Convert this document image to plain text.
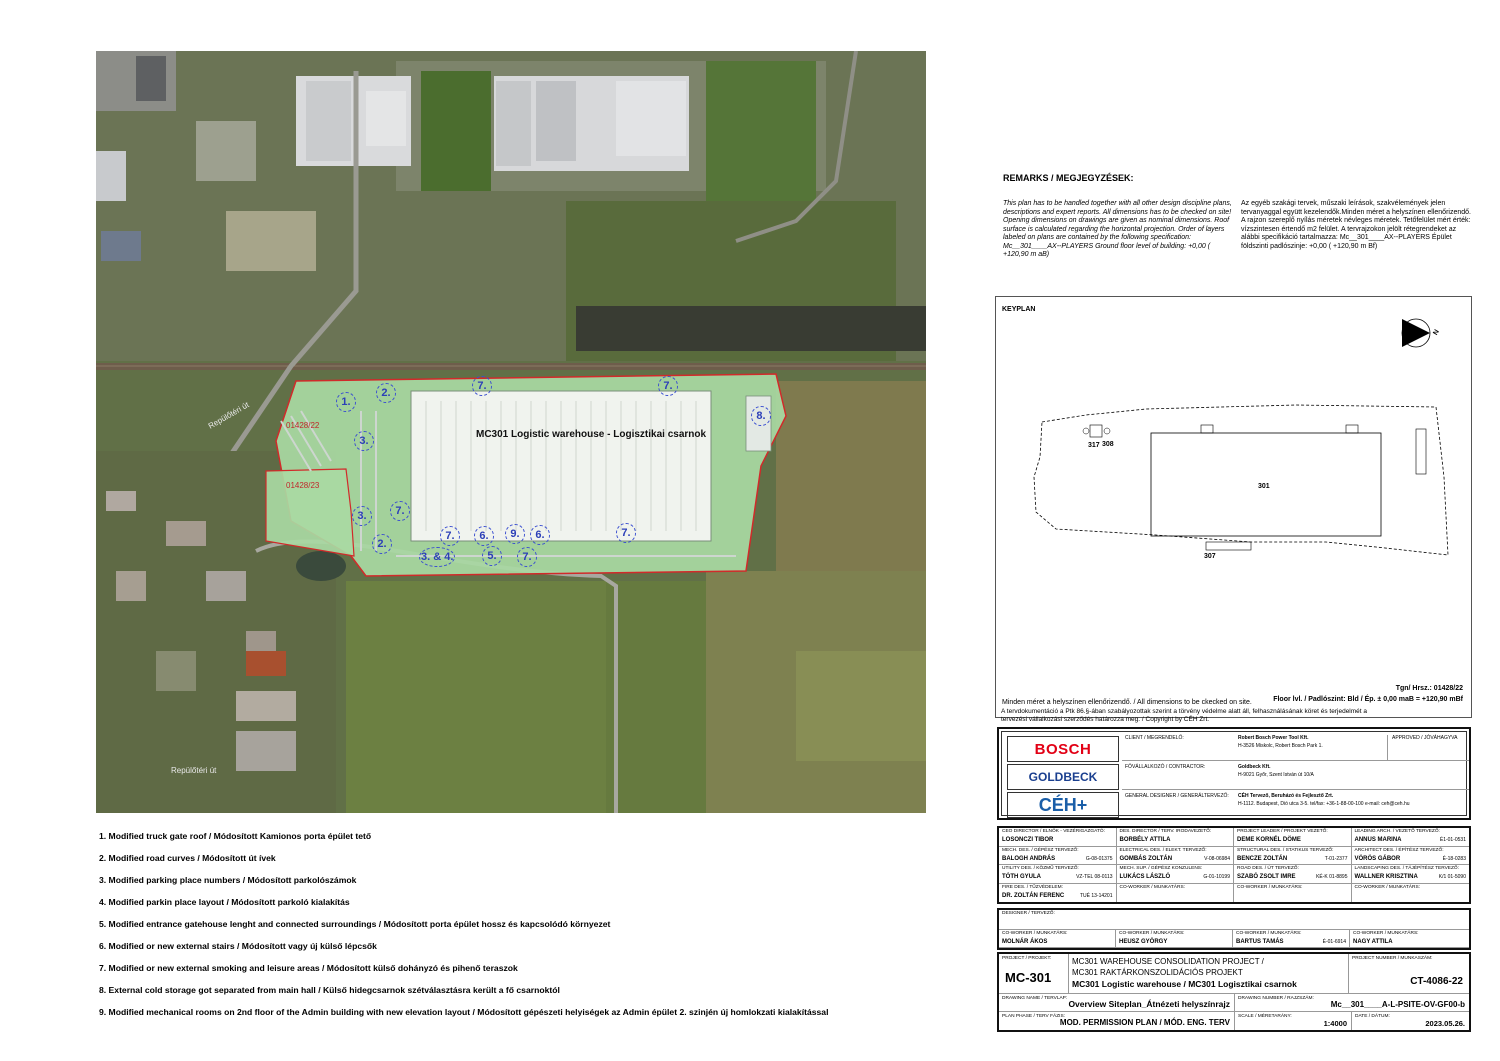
MC301 Logistic warehouse - Logisztikai csarnok
01428/22
01428/23
Repülőtéri út
Repülőtéri út
1.
2.
3.
3.
2.
7.	7.
7.
8.
7.	6.	9.	6.	7.
3. & 4.	5.	7.
1. Modified truck gate roof / Módosított Kamionos porta épület tető
2. Modified road curves / Módosított út ívek
3. Modified parking place numbers / Módosított parkolószámok
4. Modified parkin place layout / Módosított parkoló kialakítás
5. Modified entrance gatehouse lenght and connected surroundings / Módosított porta épület hossz és kapcsolódó környezet
6. Modified or new external stairs / Módosított vagy új külső lépcsők
7. Modified or new external smoking and leisure areas / Módosított külső dohányzó és pihenő teraszok
8. External cold storage got separated from main hall / Külső hidegcsarnok szétválasztásra került a fő csarnoktól
9. Modified mechanical rooms on 2nd floor of the Admin building with new elevation layout / Módosított gépészeti helyiségek az Admin épület 2. szinjén új homlokzati kialakítással
REMARKS / MEGJEGYZÉSEK:
This plan has to be handled together with all other design discipline plans, descriptions and expert reports. All dimensions has to be checked on site! Opening dimensions on drawings are given as nominal dimensions. Roof surface is calculated regarding the horizontal projection. Order of layers labeled on plans are contained by the following specification: Mc__301____AX--PLAYERS Ground floor level of building: +0,00 ( +120,90 m aB)
Az egyéb szakági tervek, műszaki leírások, szakvélemények jelen tervanyaggal együtt kezelendők.Minden méret a helyszínen ellenőrizendő. A rajzon szereplő nyílás méretek névleges méretek. Tetőfelület mért érték: vízszintesen értendő m2 felület. A tervrajzokon jelölt rétegrendeket az alábbi specifikáció tartalmazza: Mc__301____AX--PLAYERS Épület földszinti padlószinje: +0,00 ( +120,90 m Bf)
KEYPLAN
308
317
301
307
N
Tgn/ Hrsz.: 01428/22
Floor lvl. / Padlószint: Bld / Ép. ± 0,00 maB = +120,90 mBf
Minden méret a helyszínen ellenőrizendő. / All dimensions to be ckecked on site.
A tervdokumentáció a Ptk 86.§-ában szabályozottak szerint a törvény védelme alatt áll, felhasználásának köret és terjedelmét a tervezési vállalkozási szerződés határozza meg. / Copyright by CÉH Zrt.
BOSCH
GOLDBECK
CÉH+
CLIENT / MEGRENDELŐ:	Robert Bosch Power Tool Kft.
H-3526 Miskolc, Robert Bosch Park 1.
APPROVED / JÓVÁHAGYVA
FŐVÁLLALKOZÓ / CONTRACTOR:	Goldbeck Kft.
H-9021 Győr, Szent István út 10/A
GENERAL DESIGNER / GENERÁLTERVEZŐ: CÉH Tervező, Beruházó és Fejlesztő Zrt.
H-1112. Budapest, Dió utca 3-5. tel/fax: +36-1-88-00-100 e-mail: ceh@ceh.hu
CEO DIRECTOR / ELNÖK - VEZÉRIGAZGATÓ:
LOSONCZI TIBOR
DES. DIRECTOR / TERV. IRODAVEZETŐ:
BORBÉLY ATTILA
PROJECT LEADER / PROJEKT VEZETŐ:
DEME KORNÉL DÖME
LEADING ARCH. / VEZETŐ TERVEZŐ:
ANNUS MARINA	É1-01-0531
MECH. DES. / GÉPÉSZ TERVEZŐ:
BALOGH ANDRÁS	G-08-01375
ELECTRICAL DES. / ELEKT. TERVEZŐ:
GOMBÁS ZOLTÁN	V-08-06984
STRUCTURAL DES. / STATIKUS TERVEZŐ:
BENCZE ZOLTÁN	T-01-2377
ARCHITECT DES. / ÉPÍTÉSZ TERVEZŐ:
VÖRÖS GÁBOR	É-18-0283
UTILITY DES. / KÖZMŰ TERVEZŐ:
TÓTH GYULA	VZ-TEL 08-0113
MECH. SUP. / GÉPÉSZ KONZULENS:
LUKÁCS LÁSZLÓ	G-01-10199
ROAD DES. / ÚT TERVEZŐ:
SZABÓ ZSOLT IMRE	KÉ-K 01-8895
LANDSCAPING DES. / TÁJÉPÍTÉSZ TERVEZŐ:
WALLNER KRISZTINA	K/1 01-5090
FIRE DES. / TŰZVÉDELEM:
DR. ZOLTÁN FERENC	TUÉ 13-14201
CO-WORKER / MUNKATÁRS:	CO-WORKER / MUNKATÁRS:	CO-WORKER / MUNKATÁRS:
DESIGNER / TERVEZŐ:
CO-WORKER / MUNKATÁRS:
MOLNÁR ÁKOS
CO-WORKER / MUNKATÁRS:
HEUSZ GYÖRGY
CO-WORKER / MUNKATÁRS:
BARTUS TAMÁS	É-01-6914
CO-WORKER / MUNKATÁRS:
NAGY ATTILA
PROJECT / PROJEKT:
MC-301
MC301 WAREHOUSE CONSOLIDATION PROJECT /
MC301 RAKTÁRKONSZOLIDÁCIÓS PROJEKT
MC301 Logistic warehouse / MC301 Logisztikai csarnok
PROJECT NUMBER / MUNKASZÁM:
CT-4086-22
DRAWING NAME / TERVLAP:
Overview Siteplan_Átnézeti helyszínrajz
DRAWING NUMBER / RAJZSZÁM:
Mc__301____A-L-PSITE-OV-GF00-b
PLAN PHASE / TERV FÁZIS:
MOD. PERMISSION PLAN / MÓD. ENG. TERV
SCALE / MÉRETARÁNY:
1:4000
DATE / DÁTUM:
2023.05.26.
